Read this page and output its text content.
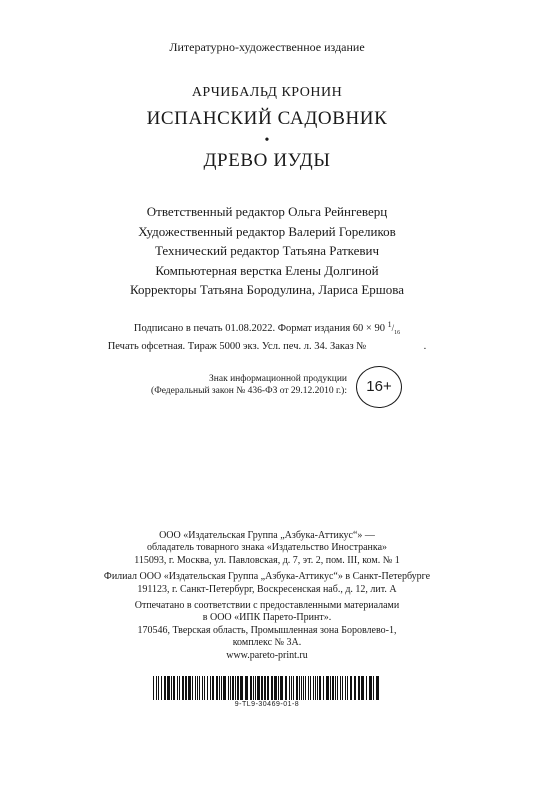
Литературно-художественное издание
АРЧИБАЛЬД КРОНИН
ИСПАНСКИЙ САДОВНИК
•
ДРЕВО ИУДЫ
Ответственный редактор Ольга Рейнгеверц
Художественный редактор Валерий Гореликов
Технический редактор Татьяна Раткевич
Компьютерная верстка Елены Долгиной
Корректоры Татьяна Бородулина, Лариса Ершова
Подписано в печать 01.08.2022. Формат издания 60 × 90 $1/_{16}$
Печать офсетная. Тираж 5000 экз. Усл. печ. л. 34. Заказ №	.
Знак информационной продукции
(Федеральный закон № 436-ФЗ от 29.12.2010 г.):	16+
ООО «Издательская Группа „Азбука-Аттикус“» —
обладатель товарного знака «Издательство Иностранка»
115093, г. Москва, ул. Павловская, д. 7, эт. 2, пом. III, ком. № 1
Филиал ООО «Издательская Группа „Азбука-Аттикус“» в Санкт-Петербурге
191123, г. Санкт-Петербург, Воскресенская наб., д. 12, лит. А
Отпечатано в соответствии с предоставленными материалами
в ООО «ИПК Парето-Принт».
170546, Тверская область, Промышленная зона Боровлево-1,
комплекс № 3А.
www.pareto-print.ru
9-TL9-30469-01-8
